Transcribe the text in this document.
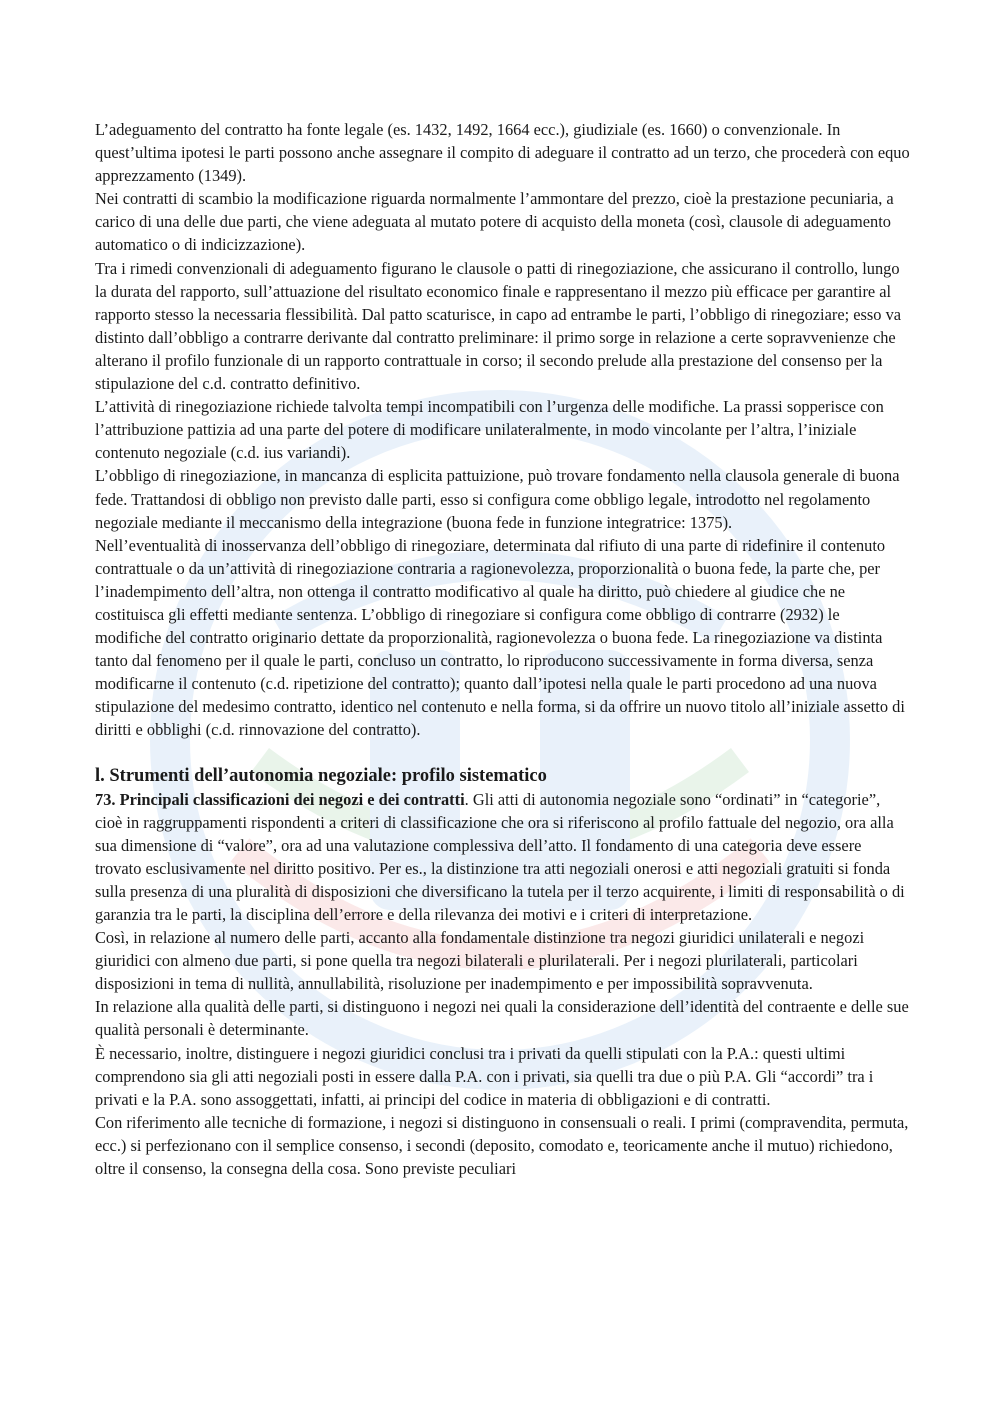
L’adeguamento del contratto ha fonte legale (es. 1432, 1492, 1664 ecc.), giudiziale (es. 1660) o convenzionale. In quest’ultima ipotesi le parti possono anche assegnare il compito di adeguare il contratto ad un terzo, che procederà con equo apprezzamento (1349).

Nei contratti di scambio la modificazione riguarda normalmente l’ammontare del prezzo, cioè la prestazione pecuniaria, a carico di una delle due parti, che viene adeguata al mutato potere di acquisto della moneta (così, clausole di adeguamento automatico o di indicizzazione).

Tra i rimedi convenzionali di adeguamento figurano le clausole o patti di rinegoziazione, che assicurano il controllo, lungo la durata del rapporto, sull’attuazione del risultato economico finale e rappresentano il mezzo più efficace per garantire al rapporto stesso la necessaria flessibilità. Dal patto scaturisce, in capo ad entrambe le parti, l’obbligo di rinegoziare; esso va distinto dall’obbligo a contrarre derivante dal contratto preliminare: il primo sorge in relazione a certe sopravvenienze che alterano il profilo funzionale di un rapporto contrattuale in corso; il secondo prelude alla prestazione del consenso per la stipulazione del c.d. contratto definitivo.

L’attività di rinegoziazione richiede talvolta tempi incompatibili con l’urgenza delle modifiche. La prassi sopperisce con l’attribuzione pattizia ad una parte del potere di modificare unilateralmente, in modo vincolante per l’altra, l’iniziale contenuto negoziale (c.d. ius variandi).

L’obbligo di rinegoziazione, in mancanza di esplicita pattuizione, può trovare fondamento nella clausola generale di buona fede. Trattandosi di obbligo non previsto dalle parti, esso si configura come obbligo legale, introdotto nel regolamento negoziale mediante il meccanismo della integrazione (buona fede in funzione integratrice: 1375).

Nell’eventualità di inosservanza dell’obbligo di rinegoziare, determinata dal rifiuto di una parte di ridefinire il contenuto contrattuale o da un’attività di rinegoziazione contraria a ragionevolezza, proporzionalità o buona fede, la parte che, per l’inadempimento dell’altra, non ottenga il contratto modificativo al quale ha diritto, può chiedere al giudice che ne costituisca gli effetti mediante sentenza. L’obbligo di rinegoziare si configura come obbligo di contrarre (2932) le modifiche del contratto originario dettate da proporzionalità, ragionevolezza o buona fede. La rinegoziazione va distinta tanto dal fenomeno per il quale le parti, concluso un contratto, lo riproducono successivamente in forma diversa, senza modificarne il contenuto (c.d. ripetizione del contratto); quanto dall’ipotesi nella quale le parti procedono ad una nuova stipulazione del medesimo contratto, identico nel contenuto e nella forma, si da offrire un nuovo titolo all’iniziale assetto di diritti e obblighi (c.d. rinnovazione del contratto).

l. Strumenti dell’autonomia negoziale: profilo sistematico

73. Principali classificazioni dei negozi e dei contratti. Gli atti di autonomia negoziale sono “ordinati” in “categorie”, cioè in raggruppamenti rispondenti a criteri di classificazione che ora si riferiscono al profilo fattuale del negozio, ora alla sua dimensione di “valore”, ora ad una valutazione complessiva dell’atto. Il fondamento di una categoria deve essere trovato esclusivamente nel diritto positivo. Per es., la distinzione tra atti negoziali onerosi e atti negoziali gratuiti si fonda sulla presenza di una pluralità di disposizioni che diversificano la tutela per il terzo acquirente, i limiti di responsabilità o di garanzia tra le parti, la disciplina dell’errore e della rilevanza dei motivi e i criteri di interpretazione.

Così, in relazione al numero delle parti, accanto alla fondamentale distinzione tra negozi giuridici unilaterali e negozi giuridici con almeno due parti, si pone quella tra negozi bilaterali e plurilaterali. Per i negozi plurilaterali, particolari disposizioni in tema di nullità, annullabilità, risoluzione per inadempimento e per impossibilità sopravvenuta.

In relazione alla qualità delle parti, si distinguono i negozi nei quali la considerazione dell’identità del contraente e delle sue qualità personali è determinante.

È necessario, inoltre, distinguere i negozi giuridici conclusi tra i privati da quelli stipulati con la P.A.: questi ultimi comprendono sia gli atti negoziali posti in essere dalla P.A. con i privati, sia quelli tra due o più P.A. Gli “accordi” tra i privati e la P.A. sono assoggettati, infatti, ai principi del codice in materia di obbligazioni e di contratti.

Con riferimento alle tecniche di formazione, i negozi si distinguono in consensuali o reali. I primi (compravendita, permuta, ecc.) si perfezionano con il semplice consenso, i secondi (deposito, comodato e, teoricamente anche il mutuo) richiedono, oltre il consenso, la consegna della cosa. Sono previste peculiari
